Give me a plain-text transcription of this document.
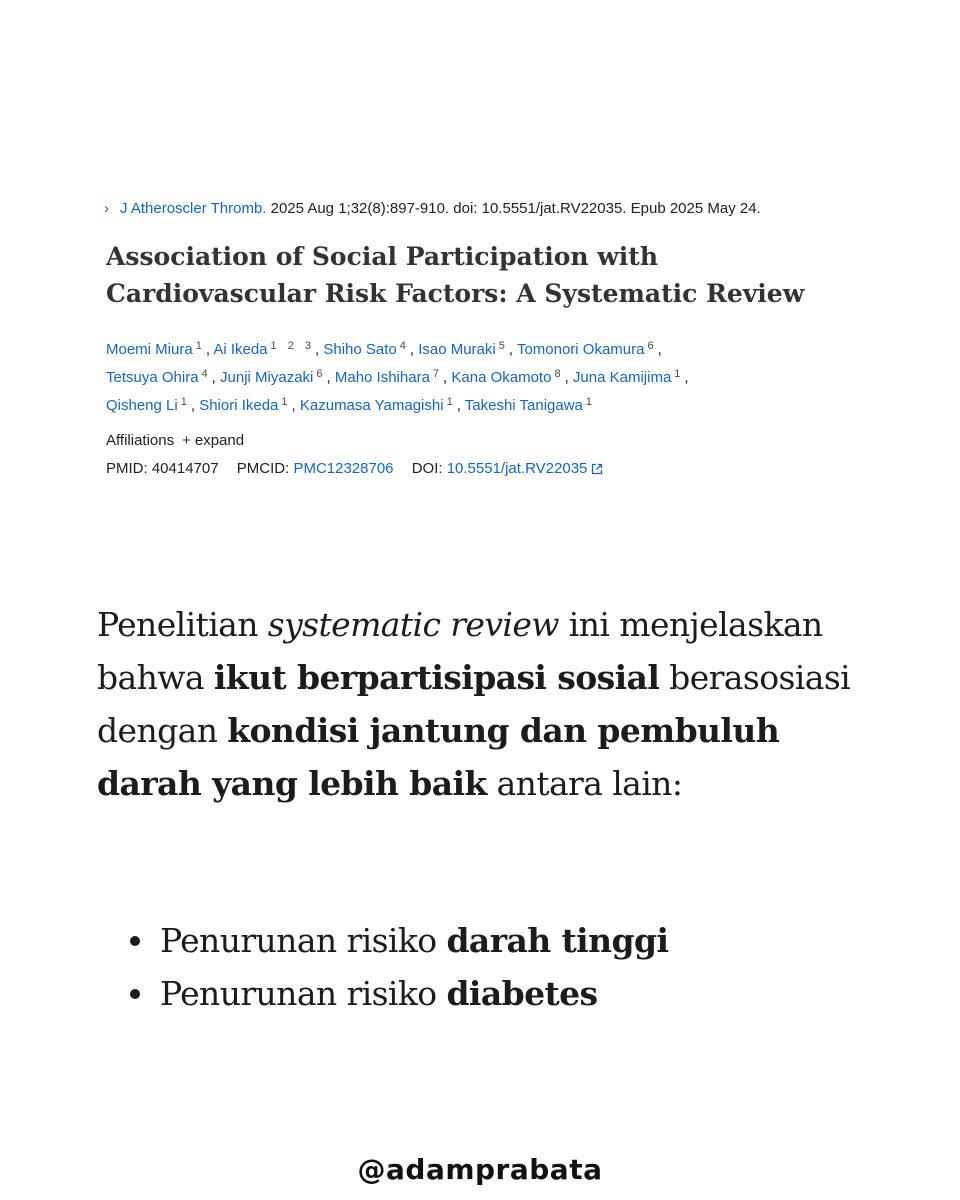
› J Atheroscler Thromb. 2025 Aug 1;32(8):897-910. doi: 10.5551/jat.RV22035. Epub 2025 May 24.
Association of Social Participation with Cardiovascular Risk Factors: A Systematic Review
Moemi Miura $^1$, Ai Ikeda $^{1 2 3}$, Shiho Sato $^4$, Isao Muraki $^5$, Tomonori Okamura $^6$,
Tetsuya Ohira $^4$, Junji Miyazaki $^6$, Maho Ishihara $^7$, Kana Okamoto $^8$, Juna Kamijima $^1$,
Qisheng Li $^1$, Shiori Ikeda $^1$, Kazumasa Yamagishi $^1$, Takeshi Tanigawa $^1$
Affiliations + expand
PMID: 40414707 PMCID: PMC12328706 DOI: 10.5551/jat.RV22035
Penelitian systematic review ini menjelaskan bahwa ikut berpartisipasi sosial berasosiasi dengan kondisi jantung dan pembuluh darah yang lebih baik antara lain:
Penurunan risiko darah tinggi
Penurunan risiko diabetes
@adamprabata
